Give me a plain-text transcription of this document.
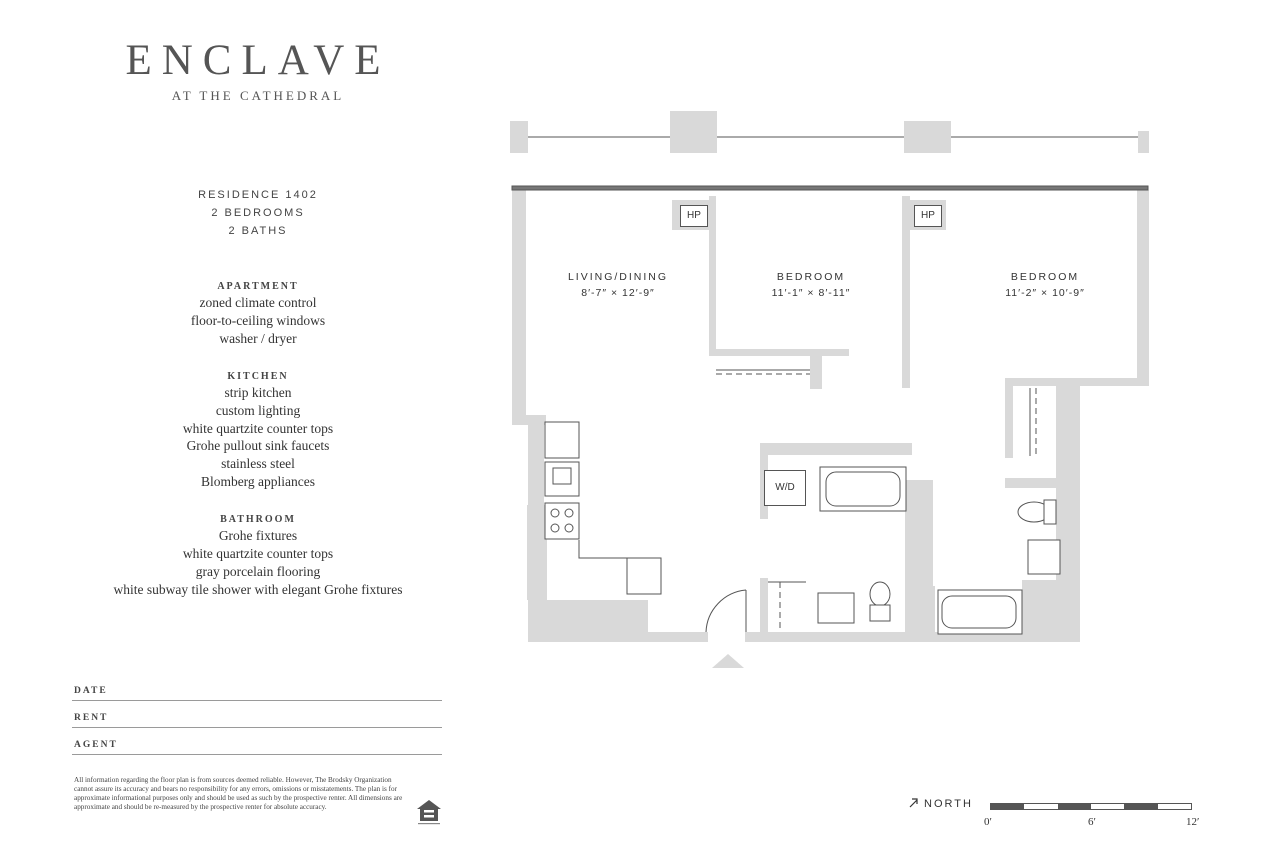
ENCLAVE
AT THE CATHEDRAL
RESIDENCE 1402
2 BEDROOMS
2 BATHS
APARTMENT
zoned climate control
floor-to-ceiling windows
washer / dryer
KITCHEN
strip kitchen
custom lighting
white quartzite counter tops
Grohe pullout sink faucets
stainless steel
Blomberg appliances
BATHROOM
Grohe fixtures
white quartzite counter tops
gray porcelain flooring
white subway tile shower with elegant Grohe fixtures
DATE
RENT
AGENT
All information regarding the floor plan is from sources deemed reliable. However, The Brodsky Organization cannot assure its accuracy and bears no responsibility for any errors, omissions or misstatements. The plan is for approximate informational purposes only and should be used as such by the prospective renter. All dimensions are approximate and should be re-measured by the prospective renter for absolute accuracy.
HP	HP
W/D
LIVING/DINING
8′-7″ × 12′-9″
BEDROOM
11′-1″ × 8′-11″
BEDROOM
11′-2″ × 10′-9″
NORTH
0′	6′	12′
